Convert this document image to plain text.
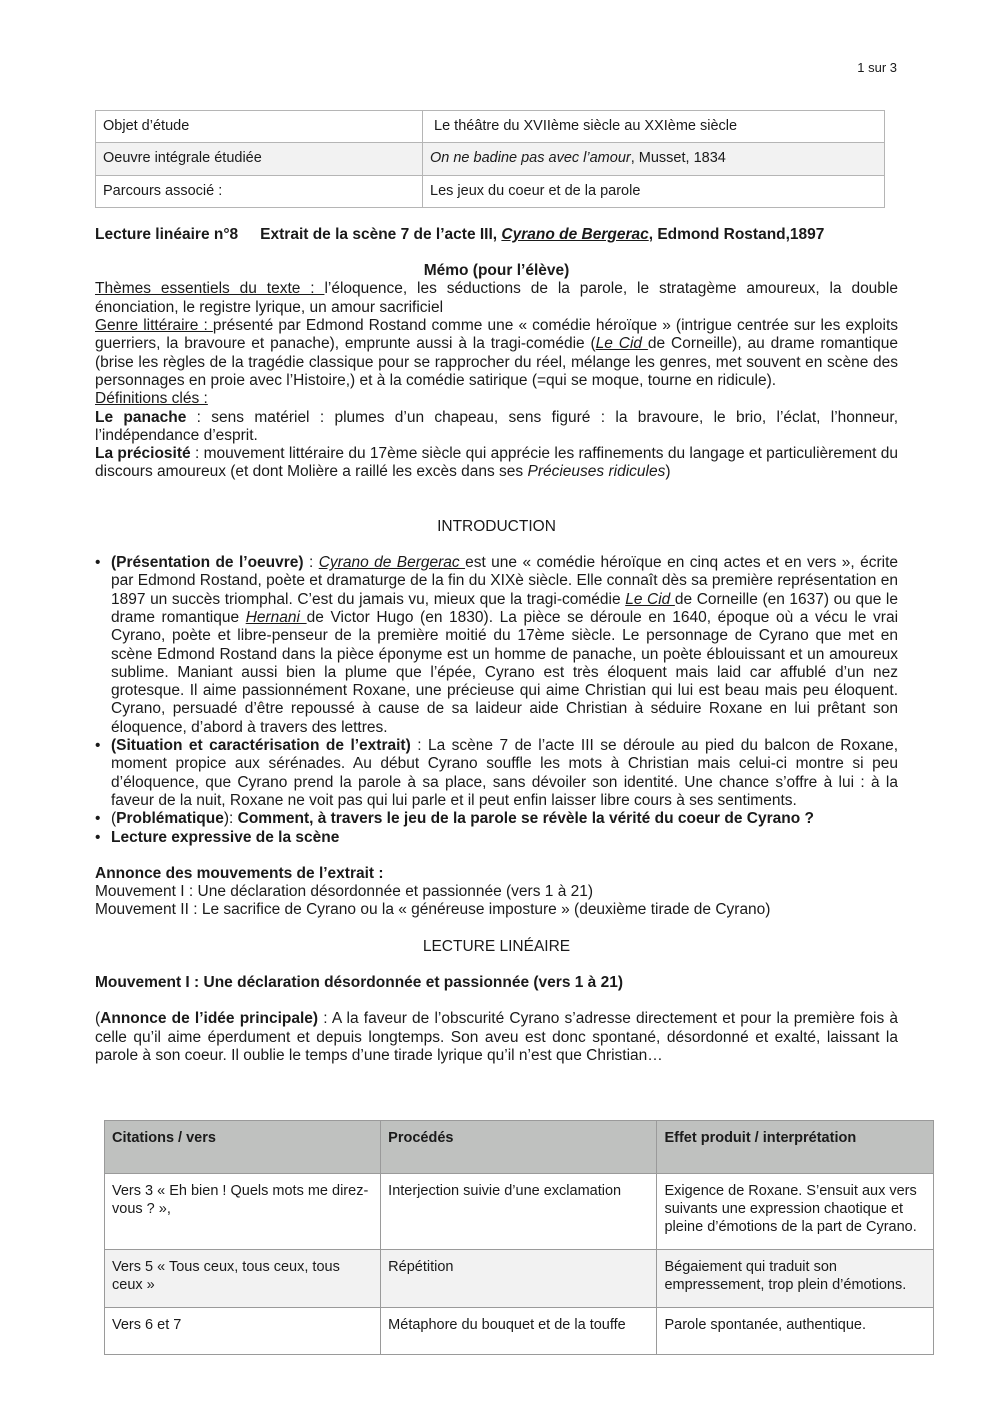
1 sur 3
Objet d’étude	Le théâtre du XVIIème siècle au XXIème siècle
Oeuvre intégrale étudiée	On ne badine pas avec l’amour, Musset, 1834
Parcours associé :	Les jeux du coeur et de la parole
Lecture linéaire n°8 Extrait de la scène 7 de l’acte III, Cyrano de Bergerac, Edmond Rostand,1897
Mémo (pour l’élève)

Thèmes essentiels du texte : l’éloquence, les séductions de la parole, le stratagème amoureux, la double énonciation, le registre lyrique, un amour sacrificiel

Genre littéraire : présenté par Edmond Rostand comme une « comédie héroïque » (intrigue centrée sur les exploits guerriers, la bravoure et panache), emprunte aussi à la tragi-comédie (Le Cid de Corneille), au drame romantique (brise les règles de la tragédie classique pour se rapprocher du réel, mélange les genres, met souvent en scène des personnages en proie avec l’Histoire,) et à la comédie satirique (=qui se moque, tourne en ridicule).

Définitions clés :

Le panache : sens matériel : plumes d’un chapeau, sens figuré : la bravoure, le brio, l’éclat, l’honneur, l’indépendance d’esprit.

La préciosité : mouvement littéraire du 17ème siècle qui apprécie les raffinements du langage et particulièrement du discours amoureux (et dont Molière a raillé les excès dans ses Précieuses ridicules)

INTRODUCTION
• (Présentation de l’oeuvre) : Cyrano de Bergerac est une « comédie héroïque en cinq actes et en vers », écrite par Edmond Rostand, poète et dramaturge de la fin du XIXè siècle. Elle connaît dès sa première représentation en 1897 un succès triomphal. C’est du jamais vu, mieux que la tragi-comédie Le Cid de Corneille (en 1637) ou que le drame romantique Hernani de Victor Hugo (en 1830). La pièce se déroule en 1640, époque où a vécu le vrai Cyrano, poète et libre-penseur de la première moitié du 17ème siècle. Le personnage de Cyrano que met en scène Edmond Rostand dans la pièce éponyme est un homme de panache, un poète éblouissant et un amoureux sublime. Maniant aussi bien la plume que l’épée, Cyrano est très éloquent mais laid car affublé d’un nez grotesque. Il aime passionnément Roxane, une précieuse qui aime Christian qui lui est beau mais peu éloquent. Cyrano, persuadé d’être repoussé à cause de sa laideur aide Christian à séduire Roxane en lui prêtant son éloquence, d’abord à travers des lettres.
• (Situation et caractérisation de l’extrait) : La scène 7 de l’acte III se déroule au pied du balcon de Roxane, moment propice aux sérénades. Au début Cyrano souffle les mots à Christian mais celui-ci montre si peu d’éloquence, que Cyrano prend la parole à sa place, sans dévoiler son identité. Une chance s’offre à lui : à la faveur de la nuit, Roxane ne voit pas qui lui parle et il peut enfin laisser libre cours à ses sentiments.
• (Problématique): Comment, à travers le jeu de la parole se révèle la vérité du coeur de Cyrano ?
• Lecture expressive de la scène

Annonce des mouvements de l’extrait :

Mouvement I : Une déclaration désordonnée et passionnée (vers 1 à 21)

Mouvement II : Le sacrifice de Cyrano ou la « généreuse imposture » (deuxième tirade de Cyrano)

LECTURE LINÉAIRE
Mouvement I : Une déclaration désordonnée et passionnée (vers 1 à 21)

(Annonce de l’idée principale) : A la faveur de l’obscurité Cyrano s’adresse directement et pour la première fois à celle qu’il aime éperdument et depuis longtemps. Son aveu est donc spontané, désordonné et exalté, laissant la parole à son coeur. Il oublie le temps d’une tirade lyrique qu’il n’est que Christian…

Citations / vers	Procédés	Effet produit / interprétation
Vers 3 « Eh bien ! Quels mots me direz-vous ? »,	Interjection suivie d’une exclamation	Exigence de Roxane. S’ensuit aux vers suivants une expression chaotique et pleine d’émotions de la part de Cyrano.
Vers 5 « Tous ceux, tous ceux, tous ceux »	Répétition	Bégaiement qui traduit son empressement, trop plein d’émotions.
Vers 6 et 7	Métaphore du bouquet et de la touffe	Parole spontanée, authentique.
